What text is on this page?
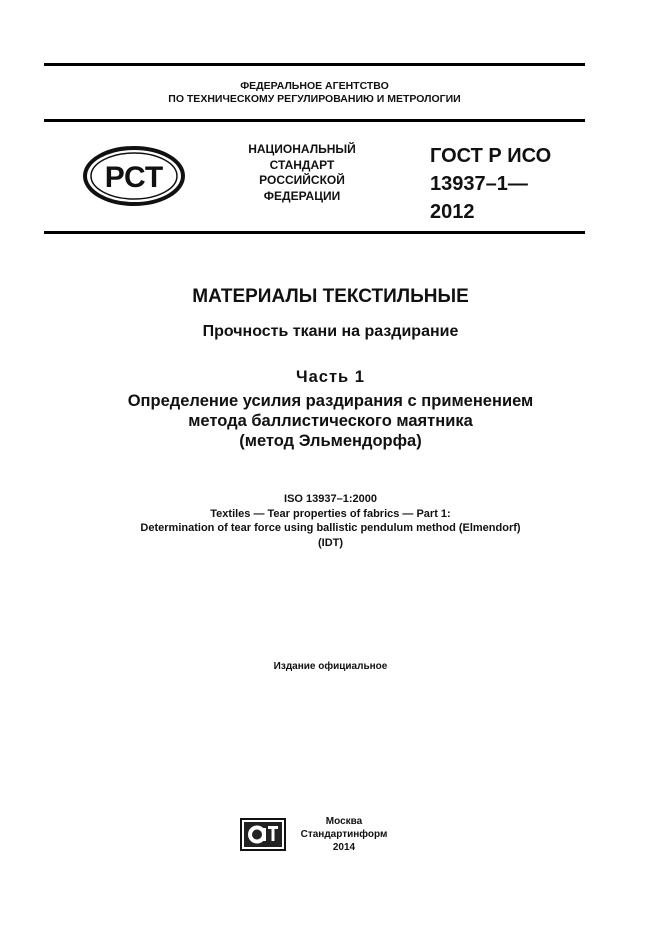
ФЕДЕРАЛЬНОЕ АГЕНТСТВО
ПО ТЕХНИЧЕСКОМУ РЕГУЛИРОВАНИЮ И МЕТРОЛОГИИ
РСТ
НАЦИОНАЛЬНЫЙ
СТАНДАРТ
РОССИЙСКОЙ
ФЕДЕРАЦИИ
ГОСТ Р ИСО
13937–1—
2012
МАТЕРИАЛЫ ТЕКСТИЛЬНЫЕ
Прочность ткани на раздирание
Часть 1
Определение усилия раздирания с применением
метода баллистического маятника
(метод Эльмендорфа)
ISO 13937–1:2000
Textiles — Tear properties of fabrics — Part 1:
Determination of tear force using ballistic pendulum method (Elmendorf)
(IDT)
Издание официальное
Москва
Стандартинформ
2014
